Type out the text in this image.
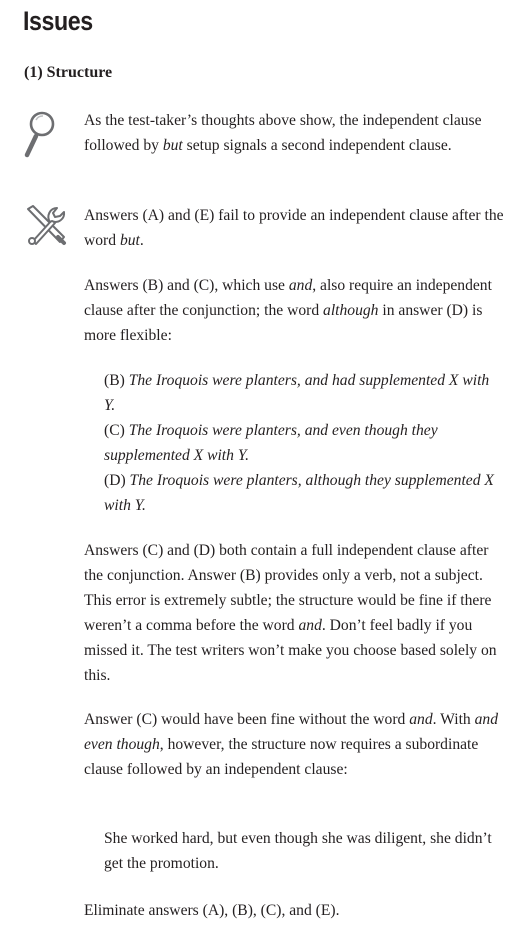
Issues
(1) Structure

As the test-taker’s thoughts above show, the independent clause followed by but setup signals a second independent clause.

Answers (A) and (E) fail to provide an independent clause after the word but.

Answers (B) and (C), which use and, also require an independent clause after the conjunction; the word although in answer (D) is more flexible:

(B) The Iroquois were planters, and had supplemented X with Y.

(C) The Iroquois were planters, and even though they supplemented X with Y.

(D) The Iroquois were planters, although they supplemented X with Y.

Answers (C) and (D) both contain a full independent clause after the conjunction. Answer (B) provides only a verb, not a subject. This error is extremely subtle; the structure would be fine if there weren’t a comma before the word and. Don’t feel badly if you missed it. The test writers won’t make you choose based solely on this.

Answer (C) would have been fine without the word and. With and even though, however, the structure now requires a subordinate clause followed by an independent clause:

She worked hard, but even though she was diligent, she didn’t get the promotion.

Eliminate answers (A), (B), (C), and (E).
